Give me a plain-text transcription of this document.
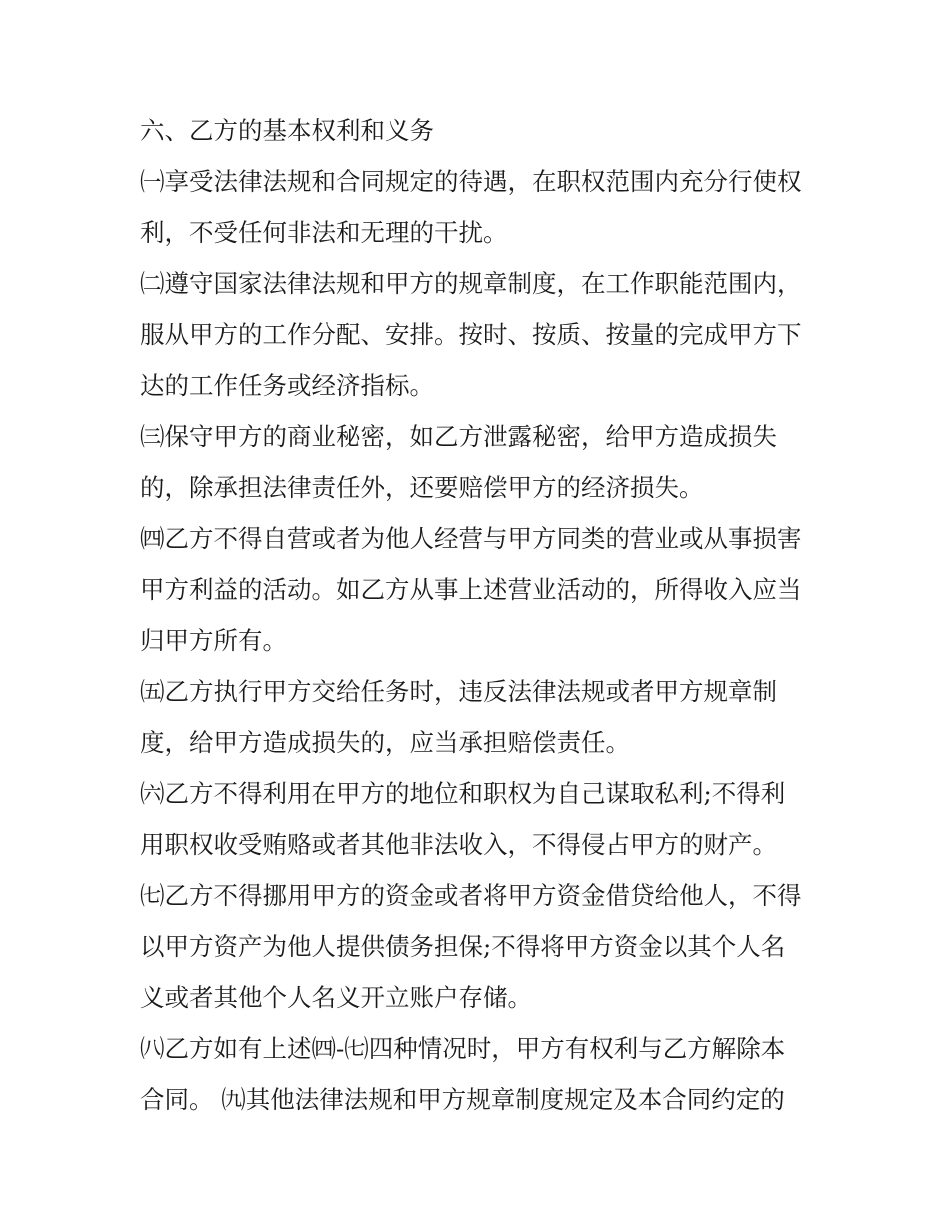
六、乙方的基本权利和义务
㈠享受法律法规和合同规定的待遇，在职权范围内充分行使权
利，不受任何非法和无理的干扰。
㈡遵守国家法律法规和甲方的规章制度，在工作职能范围内，
服从甲方的工作分配、安排。按时、按质、按量的完成甲方下
达的工作任务或经济指标。
㈢保守甲方的商业秘密，如乙方泄露秘密，给甲方造成损失
的，除承担法律责任外，还要赔偿甲方的经济损失。
㈣乙方不得自营或者为他人经营与甲方同类的营业或从事损害
甲方利益的活动。如乙方从事上述营业活动的，所得收入应当
归甲方所有。
㈤乙方执行甲方交给任务时，违反法律法规或者甲方规章制
度，给甲方造成损失的，应当承担赔偿责任。
㈥乙方不得利用在甲方的地位和职权为自己谋取私利;不得利
用职权收受贿赂或者其他非法收入，不得侵占甲方的财产。
㈦乙方不得挪用甲方的资金或者将甲方资金借贷给他人，不得
以甲方资产为他人提供债务担保;不得将甲方资金以其个人名
义或者其他个人名义开立账户存储。
㈧乙方如有上述㈣-㈦四种情况时，甲方有权利与乙方解除本
合同。 ㈨其他法律法规和甲方规章制度规定及本合同约定的
